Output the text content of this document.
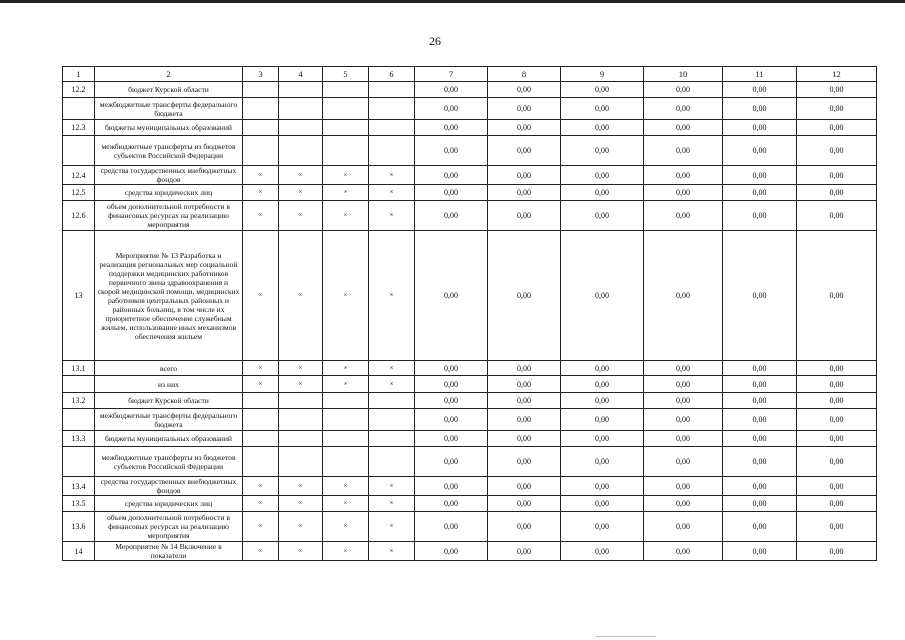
26
1	2	3	4	5	6	7	8	9	10	11	12
12.2	бюджет Курской области					0,00	0,00	0,00	0,00	0,00	0,00
	межбюджетные трансферты федерального бюджета					0,00	0,00	0,00	0,00	0,00	0,00
12.3	бюджеты муниципальных образований					0,00	0,00	0,00	0,00	0,00	0,00
	межбюджетные трансферты из бюджетов субъектов Российской Федерации					0,00	0,00	0,00	0,00	0,00	0,00
12.4	средства государственных внебюджетных фондов	×	×	×	×	0,00	0,00	0,00	0,00	0,00	0,00
12.5	средства юридических лиц	×	×	×	×	0,00	0,00	0,00	0,00	0,00	0,00
12.6	объем дополнительной потребности в финансовых ресурсах на реализацию мероприятия	×	×	×	×	0,00	0,00	0,00	0,00	0,00	0,00
13	Мероприятие № 13 Разработка и реализация региональных мер социальной поддержки медицинских работников первичного звена здравоохранения и скорой медицинской помощи, медицинских работников центральных районных и районных больниц, в том числе их приоритетное обеспечение служебным жильем, использование иных механизмов обеспечения жильем	×	×	×	×	0,00	0,00	0,00	0,00	0,00	0,00
13.1	всего	×	×	×	×	0,00	0,00	0,00	0,00	0,00	0,00
	из них	×	×	×	×	0,00	0,00	0,00	0,00	0,00	0,00
13.2	бюджет Курской области					0,00	0,00	0,00	0,00	0,00	0,00
	межбюджетные трансферты федерального бюджета					0,00	0,00	0,00	0,00	0,00	0,00
13.3	бюджеты муниципальных образований					0,00	0,00	0,00	0,00	0,00	0,00
	межбюджетные трансферты из бюджетов субъектов Российской Федерации					0,00	0,00	0,00	0,00	0,00	0,00
13.4	средства государственных внебюджетных фондов	×	×	×	×	0,00	0,00	0,00	0,00	0,00	0,00
13.5	средства юридических лиц	×	×	×	×	0,00	0,00	0,00	0,00	0,00	0,00
13.6	объем дополнительной потребности в финансовых ресурсах на реализацию мероприятия	×	×	×	×	0,00	0,00	0,00	0,00	0,00	0,00
14	Мероприятие № 14 Включение в показатели	×	×	×	×	0,00	0,00	0,00	0,00	0,00	0,00
